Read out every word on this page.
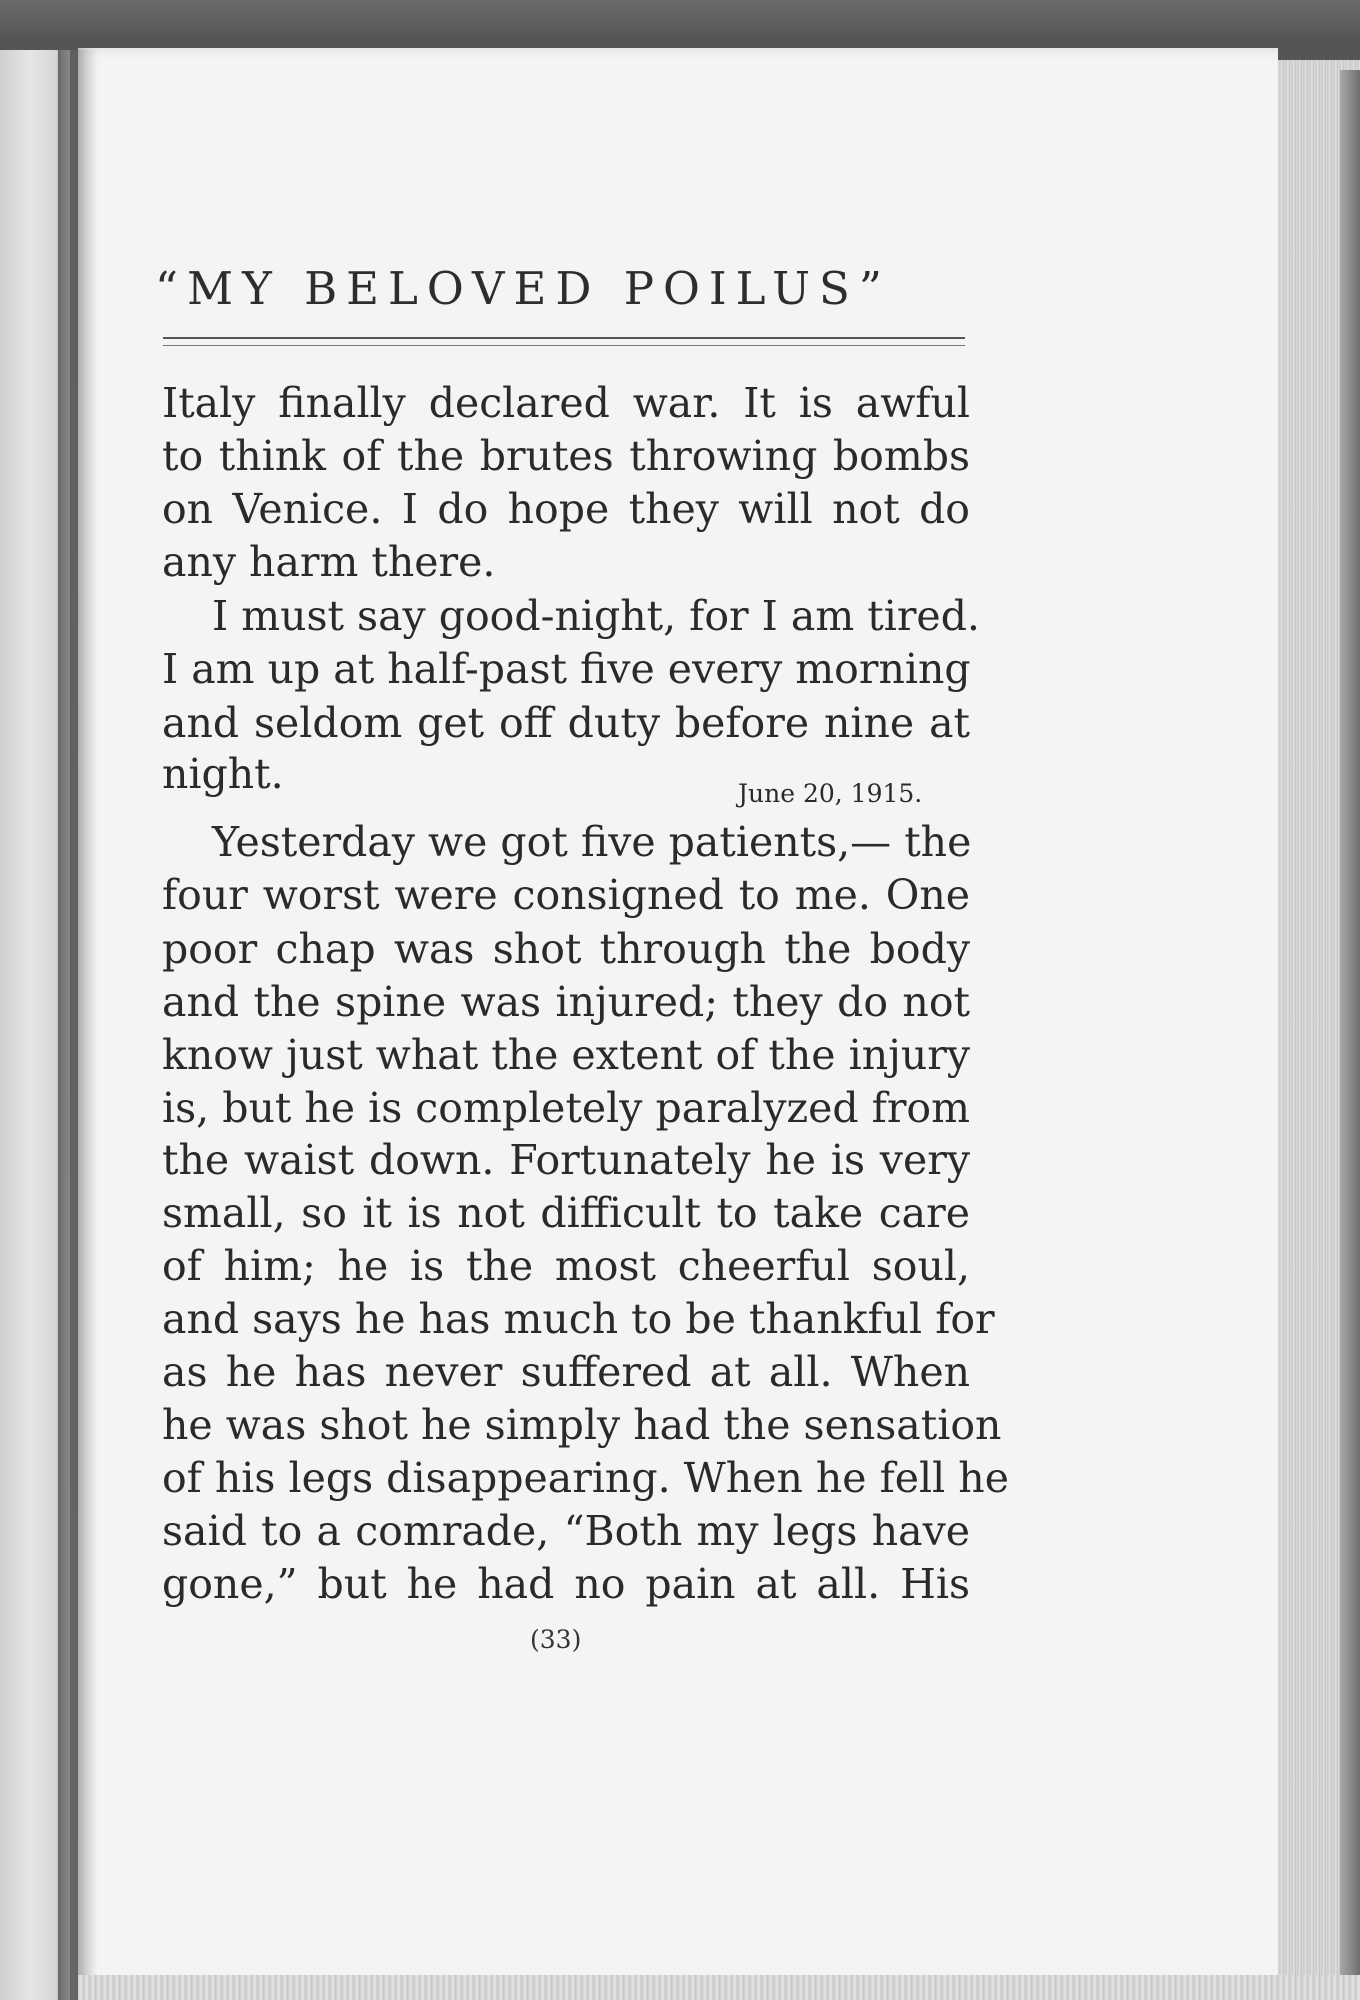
“MY BELOVED POILUS”
Italy finally declared war. It is awful
to think of the brutes throwing bombs
on Venice. I do hope they will not do
any harm there.
I must say good-night, for I am tired.
I am up at half-past five every morning
and seldom get off duty before nine at
night.	June 20, 1915.
Yesterday we got five patients,— the
four worst were consigned to me. One
poor chap was shot through the body
and the spine was injured; they do not
know just what the extent of the injury
is, but he is completely paralyzed from
the waist down. Fortunately he is very
small, so it is not difficult to take care
of him; he is the most cheerful soul,
and says he has much to be thankful for
as he has never suffered at all. When
he was shot he simply had the sensation
of his legs disappearing. When he fell he
said to a comrade, “Both my legs have
gone,” but he had no pain at all. His
(33)
